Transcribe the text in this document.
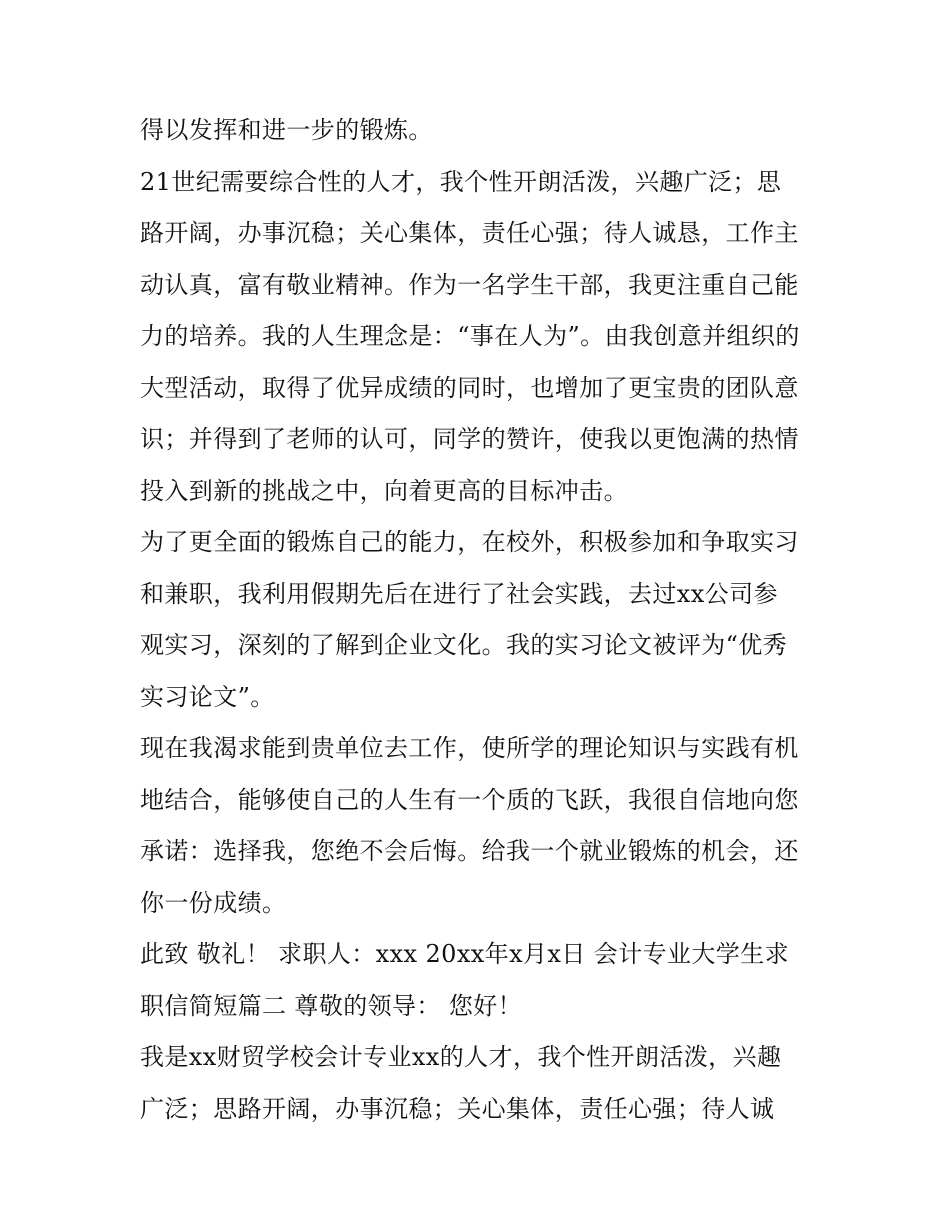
得以发挥和进一步的锻炼。
21世纪需要综合性的人才，我个性开朗活泼，兴趣广泛；思
路开阔，办事沉稳；关心集体，责任心强；待人诚恳，工作主
动认真，富有敬业精神。作为一名学生干部，我更注重自己能
力的培养。我的人生理念是：“事在人为”。由我创意并组织的
大型活动，取得了优异成绩的同时，也增加了更宝贵的团队意
识；并得到了老师的认可，同学的赞许，使我以更饱满的热情
投入到新的挑战之中，向着更高的目标冲击。
为了更全面的锻炼自己的能力，在校外，积极参加和争取实习
和兼职，我利用假期先后在进行了社会实践，去过xx公司参
观实习，深刻的了解到企业文化。我的实习论文被评为“优秀
实习论文”。
现在我渴求能到贵单位去工作，使所学的理论知识与实践有机
地结合，能够使自己的人生有一个质的飞跃，我很自信地向您
承诺：选择我，您绝不会后悔。给我一个就业锻炼的机会，还
你一份成绩。
此致 敬礼！ 求职人：xxx 20xx年x月x日 会计专业大学生求
职信简短篇二 尊敬的领导： 您好！
我是xx财贸学校会计专业xx的人才，我个性开朗活泼，兴趣
广泛；思路开阔，办事沉稳；关心集体，责任心强；待人诚
